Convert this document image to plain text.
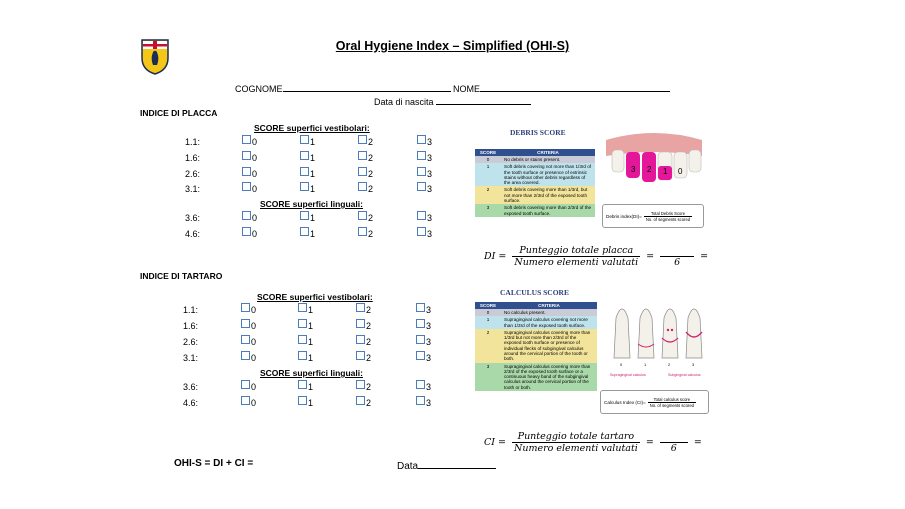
Oral Hygiene Index – Simplified (OHI-S)
COGNOME	NOME
Data di nascita
INDICE DI PLACCA
SCORE superfici vestibolari:
SCORE superfici linguali:
INDICE DI TARTARO
SCORE superfici vestibolari:
SCORE superfici linguali:
1.1:	0	1	2	3
1.6:	0	1	2	3
2.6:	0	1	2	3
3.1:	0	1	2	3
3.6:	0	1	2	3
4.6:	0	1	2	3
1.1:	0	1	2	3
1.6:	0	1	2	3
2.6:	0	1	2	3
3.1:	0	1	2	3
3.6:	0	1	2	3
4.6:	0	1	2	3
DEBRIS SCORE
SCORE	CRITERIA
0	No debris or stains present.
1	Soft debris covering not more than 1/3rd of the tooth surface or presence of extrinsic stains without other debris regardless of the area covered.
2	Soft debris covering more than 1/3rd, but not more than 2/3rd of the exposed tooth surface.
3	Soft debris covering more than 2/3rd of the exposed tooth surface.
3 2 1 0
Debris index(DI)= $\frac{\text{Total Debris Score}}{\text{No. of segments scored}}$
DI = $\frac{\text{Punteggio totale placca}}{\text{Numero elementi valutati}}$ =
6
=
CALCULUS SCORE
SCORE	CRITERIA
0	No calculus present.
1	Supragingival calculus covering not more than 1/3rd of the exposed tooth surface.
2	Supragingival calculus covering more than 1/3rd but not more than 2/3rd of the exposed tooth surface or presence of individual flecks of subgingival calculus around the cervical portion of the tooth or both.
3	Supragingival calculus covering more than 2/3rd of the exposed tooth surface or a continuous heavy band of the subgingival calculus around the cervical portion of the tooth or both.
0	1	2	3
Supragingival calculus	Subgingival calculus
Calculus Index $(CI)= \frac{\text{Total calculus score}}{\text{No. of segments scored}}$
CI = $\frac{\text{Punteggio totale tartaro}}{\text{Numero elementi valutati}}$ =
6
=
OHI-S = DI + CI =	Data
